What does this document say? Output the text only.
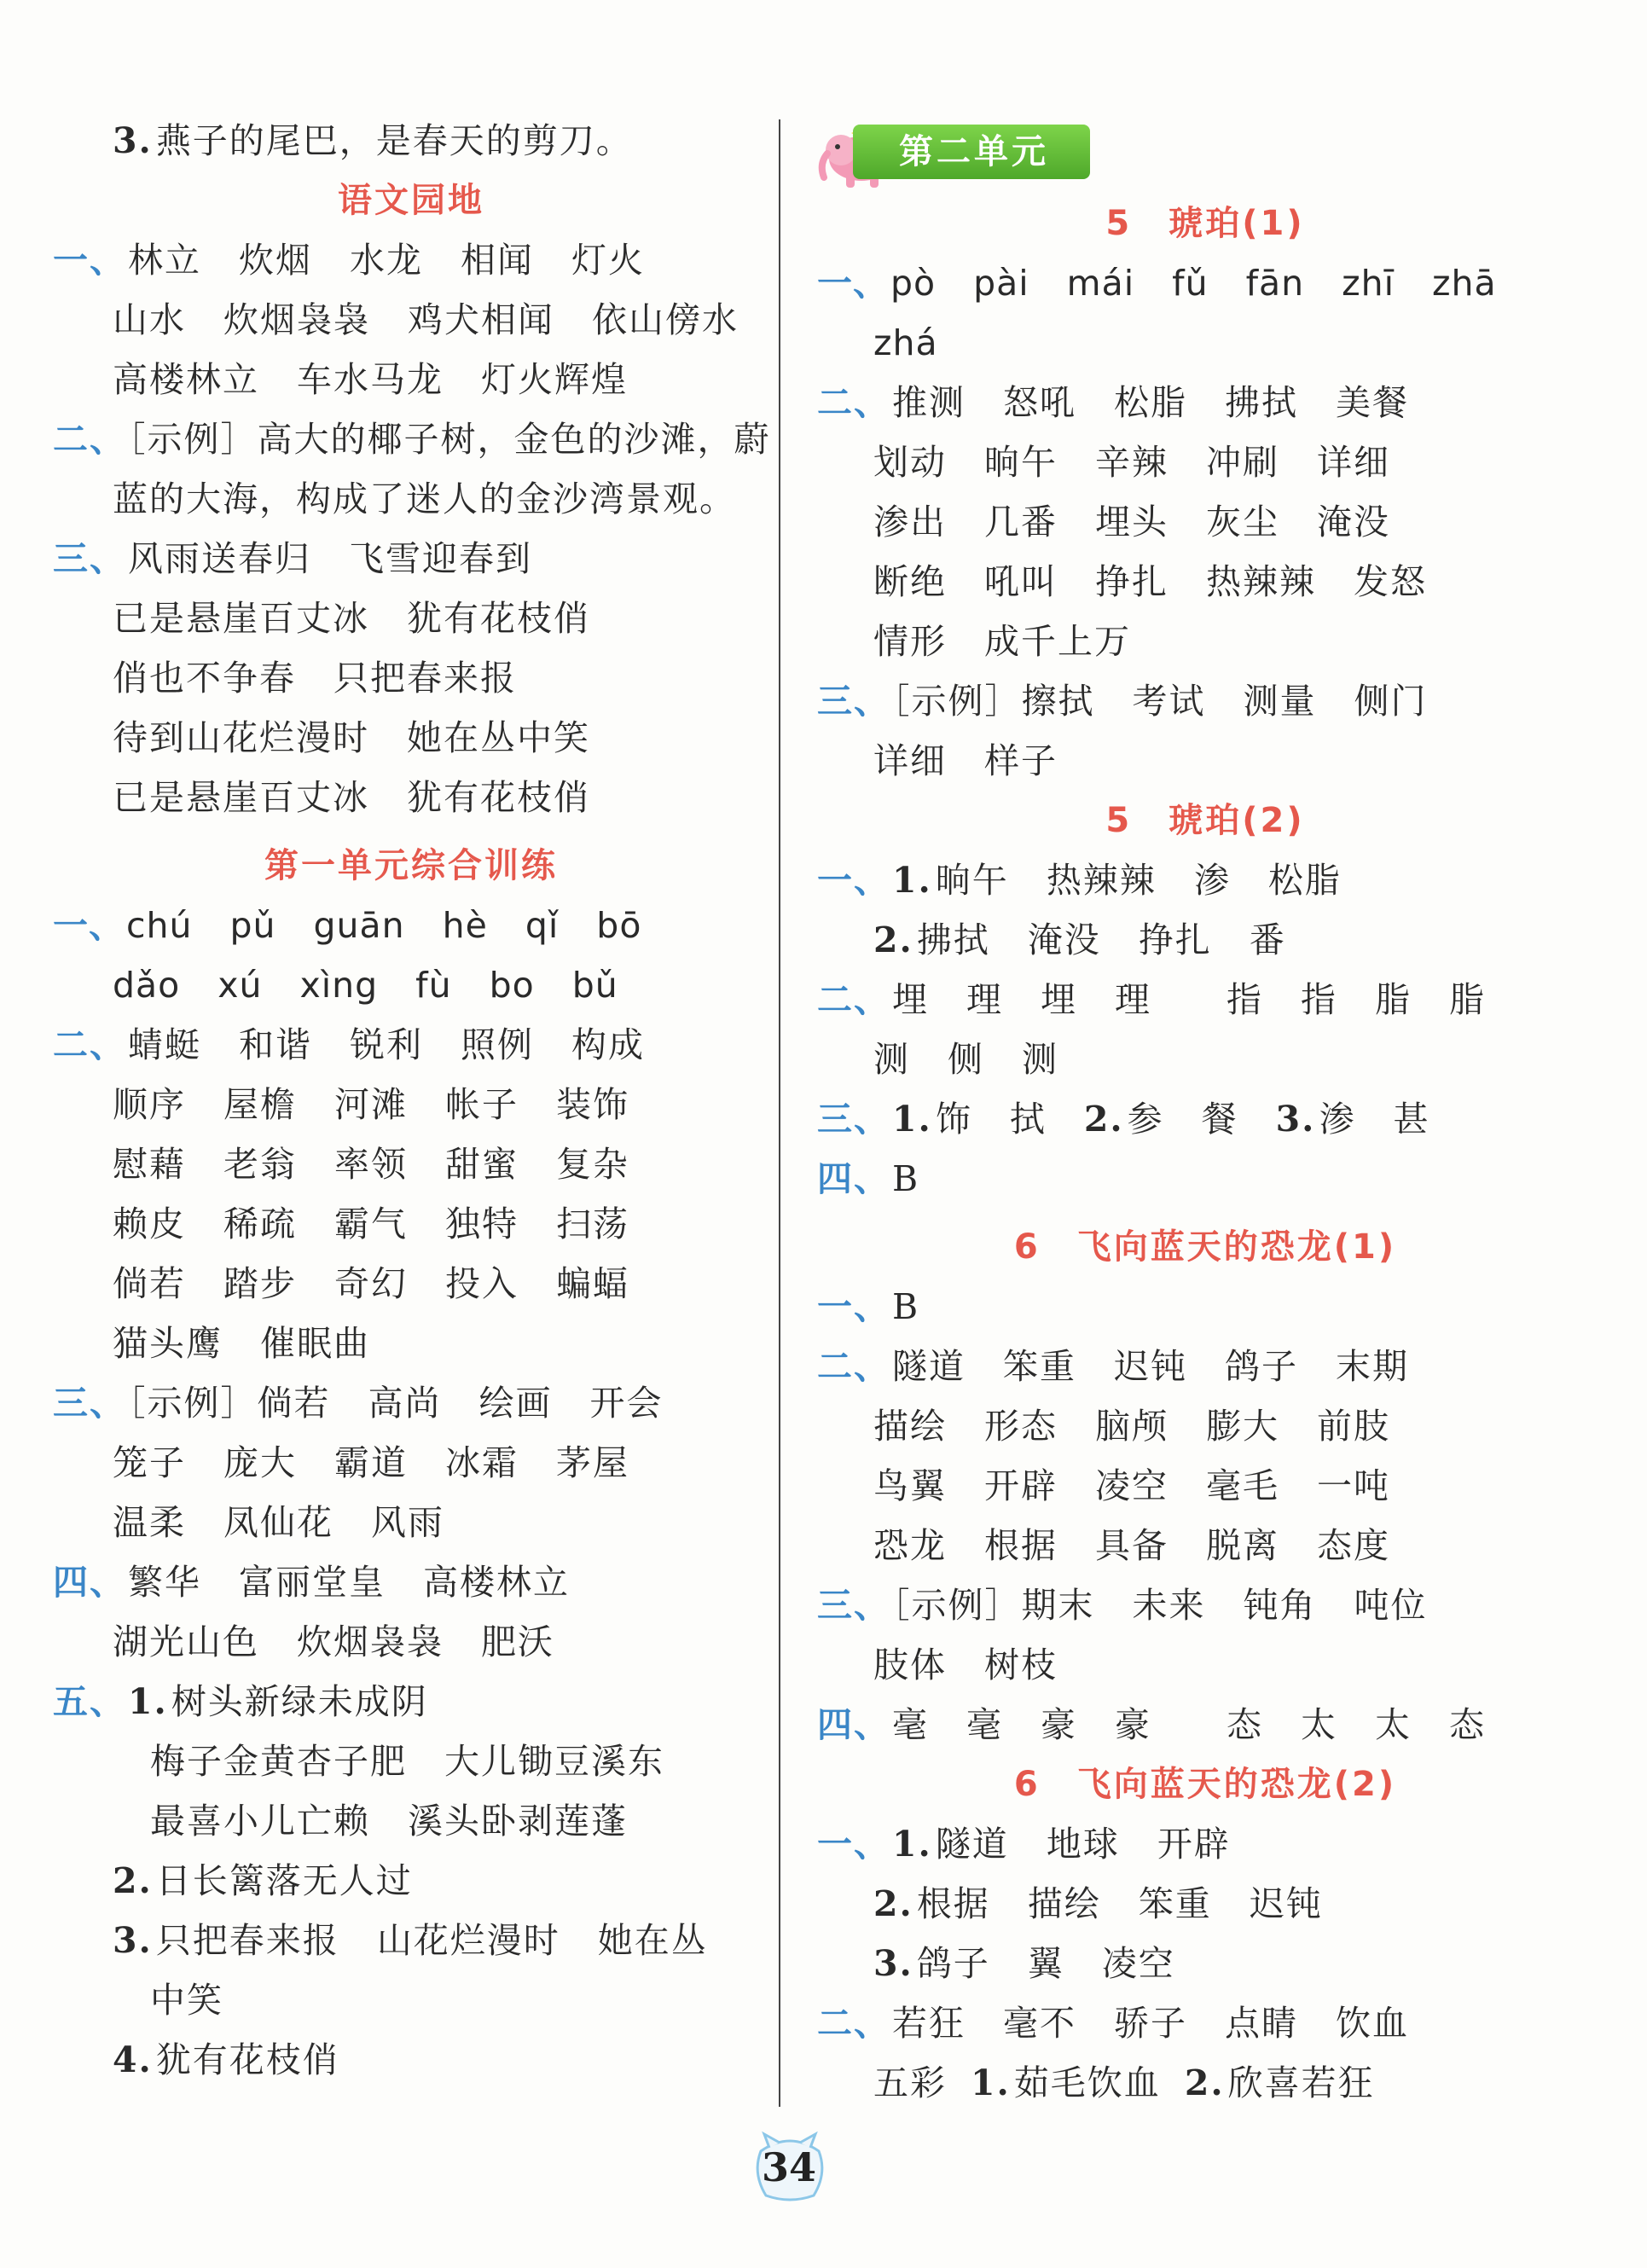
3.燕子的尾巴，是春天的剪刀。
语文园地
一、林立 炊烟 水龙 相闻 灯火
山水 炊烟袅袅 鸡犬相闻 依山傍水
高楼林立 车水马龙 灯火辉煌
二、［示例］高大的椰子树，金色的沙滩，蔚
蓝的大海，构成了迷人的金沙湾景观。
三、风雨送春归 飞雪迎春到
已是悬崖百丈冰 犹有花枝俏
俏也不争春 只把春来报
待到山花烂漫时 她在丛中笑
已是悬崖百丈冰 犹有花枝俏
第一单元综合训练
一、chú pǔ guān hè qǐ bō
dǎo xú xìng fù bo bǔ
二、蜻蜓 和谐 锐利 照例 构成
顺序 屋檐 河滩 帐子 装饰
慰藉 老翁 率领 甜蜜 复杂
赖皮 稀疏 霸气 独特 扫荡
倘若 踏步 奇幻 投入 蝙蝠
猫头鹰 催眠曲
三、［示例］倘若 高尚 绘画 开会
笼子 庞大 霸道 冰霜 茅屋
温柔 凤仙花 风雨
四、繁华 富丽堂皇 高楼林立
湖光山色 炊烟袅袅 肥沃
五、1.树头新绿未成阴
梅子金黄杏子肥 大儿锄豆溪东
最喜小儿亡赖 溪头卧剥莲蓬
2.日长篱落无人过
3.只把春来报 山花烂漫时 她在丛
中笑
4.犹有花枝俏
第二单元
5　琥珀(1)
一、pò pài mái fǔ fān zhī zhā
zhá
二、推测 怒吼 松脂 拂拭 美餐
划动 晌午 辛辣 冲刷 详细
渗出 几番 埋头 灰尘 淹没
断绝 吼叫 挣扎 热辣辣 发怒
情形 成千上万
三、［示例］擦拭 考试 测量 侧门
详细 样子
5　琥珀(2)
一、1.晌午 热辣辣 渗 松脂
2.拂拭 淹没 挣扎 番
二、埋 理 埋 理 指 指 脂 脂
测 侧 测
三、1.饰 拭 2.参 餐 3.渗 甚
四、B
6　飞向蓝天的恐龙(1)
一、B
二、隧道 笨重 迟钝 鸽子 末期
描绘 形态 脑颅 膨大 前肢
鸟翼 开辟 凌空 毫毛 一吨
恐龙 根据 具备 脱离 态度
三、［示例］期末 未来 钝角 吨位
肢体 树枝
四、毫 毫 豪 豪 态 太 太 态
6　飞向蓝天的恐龙(2)
一、1.隧道 地球 开辟
2.根据 描绘 笨重 迟钝
3.鸽子 翼 凌空
二、若狂 毫不 骄子 点睛 饮血
五彩 1.茹毛饮血 2.欣喜若狂
34
